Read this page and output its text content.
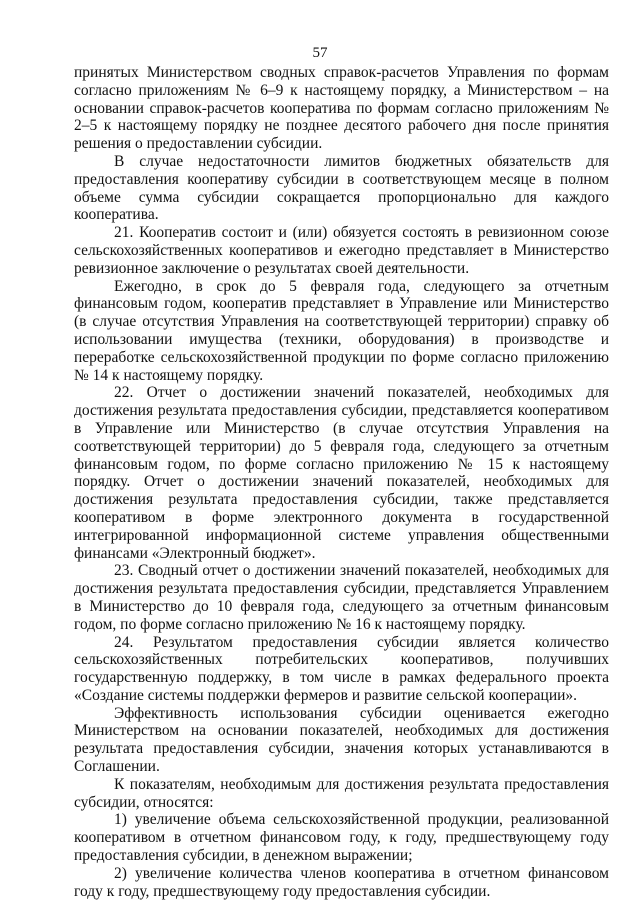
57

принятых Министерством сводных справок-расчетов Управления по формам согласно приложениям № 6–9 к настоящему порядку, а Министерством – на основании справок-расчетов кооператива по формам согласно приложениям № 2–5 к настоящему порядку не позднее десятого рабочего дня после принятия решения о предоставлении субсидии.

В случае недостаточности лимитов бюджетных обязательств для предоставления кооперативу субсидии в соответствующем месяце в полном объеме сумма субсидии сокращается пропорционально для каждого кооператива.

21. Кооператив состоит и (или) обязуется состоять в ревизионном союзе сельскохозяйственных кооперативов и ежегодно представляет в Министерство ревизионное заключение о результатах своей деятельности.

Ежегодно, в срок до 5 февраля года, следующего за отчетным финансовым годом, кооператив представляет в Управление или Министерство (в случае отсутствия Управления на соответствующей территории) справку об использовании имущества (техники, оборудования) в производстве и переработке сельскохозяйственной продукции по форме согласно приложению № 14 к настоящему порядку.

22. Отчет о достижении значений показателей, необходимых для достижения результата предоставления субсидии, представляется кооперативом в Управление или Министерство (в случае отсутствия Управления на соответствующей территории) до 5 февраля года, следующего за отчетным финансовым годом, по форме согласно приложению № 15 к настоящему порядку. Отчет о достижении значений показателей, необходимых для достижения результата предоставления субсидии, также представляется кооперативом в форме электронного документа в государственной интегрированной информационной системе управления общественными финансами «Электронный бюджет».

23. Сводный отчет о достижении значений показателей, необходимых для достижения результата предоставления субсидии, представляется Управлением в Министерство до 10 февраля года, следующего за отчетным финансовым годом, по форме согласно приложению № 16 к настоящему порядку.

24. Результатом предоставления субсидии является количество сельскохозяйственных потребительских кооперативов, получивших государственную поддержку, в том числе в рамках федерального проекта «Создание системы поддержки фермеров и развитие сельской кооперации».

Эффективность использования субсидии оценивается ежегодно Министерством на основании показателей, необходимых для достижения результата предоставления субсидии, значения которых устанавливаются в Соглашении.

К показателям, необходимым для достижения результата предоставления субсидии, относятся:

1) увеличение объема сельскохозяйственной продукции, реализованной кооперативом в отчетном финансовом году, к году, предшествующему году предоставления субсидии, в денежном выражении;

2) увеличение количества членов кооператива в отчетном финансовом году к году, предшествующему году предоставления субсидии.
